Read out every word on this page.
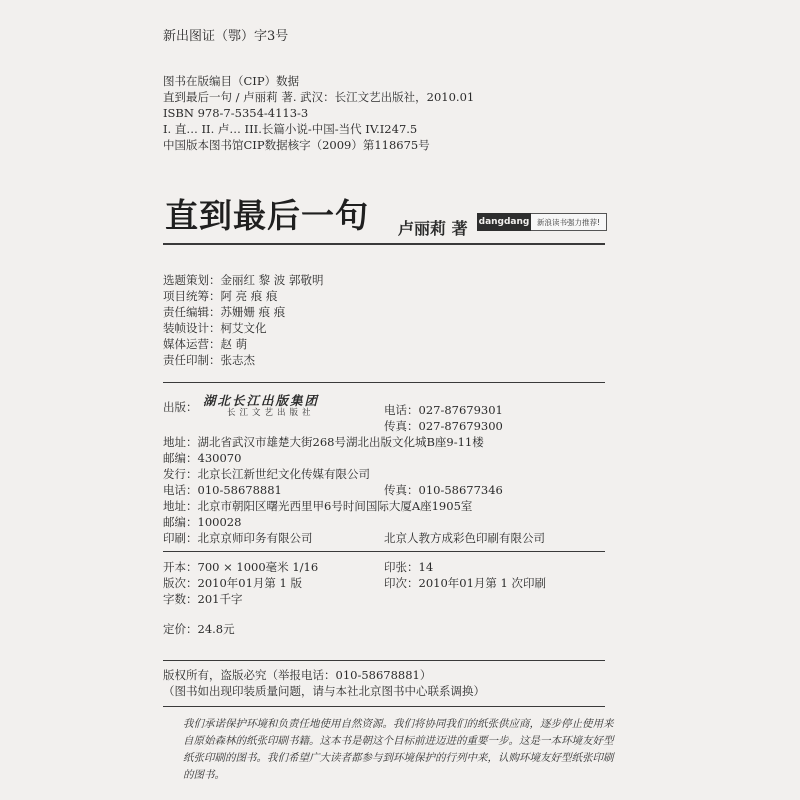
新出图证（鄂）字3号
图书在版编目（CIP）数据
直到最后一句 / 卢丽莉 著. 武汉：长江文艺出版社，2010.01
ISBN 978-7-5354-4113-3
I. 直… II. 卢… III.长篇小说-中国-当代 IV.I247.5
中国版本图书馆CIP数据核字（2009）第118675号
直到最后一句 卢丽莉 著 dangdang	新浪读书强力推荐!
选题策划：金丽红 黎 波 郭敬明
项目统筹：阿 亮 痕 痕
责任编辑：苏姗姗 痕 痕
装帧设计：柯艾文化
媒体运营：赵 萌
责任印制：张志杰
出版： 湖北长江出版集团
长江文艺出版社	电话：027-87679301
传真：027-87679300
地址：湖北省武汉市雄楚大街268号湖北出版文化城B座9-11楼
邮编：430070
发行：北京长江新世纪文化传媒有限公司
电话：010-58678881	传真：010-58677346
地址：北京市朝阳区曙光西里甲6号时间国际大厦A座1905室
邮编：100028
印刷：北京京师印务有限公司	北京人教方成彩色印刷有限公司
开本：700 × 1000毫米 1/16	印张：14
版次：2010年01月第 1 版	印次：2010年01月第 1 次印刷
字数：201千字
定价：24.8元
版权所有，盗版必究（举报电话：010-58678881）
（图书如出现印装质量问题，请与本社北京图书中心联系调换）
我们承诺保护环境和负责任地使用自然资源。我们将协同我们的纸张供应商，逐步停止使用来自原始森林的纸张印刷书籍。这本书是朝这个目标前进迈进的重要一步。这是一本环境友好型纸张印刷的图书。我们希望广大读者都参与到环境保护的行列中来，认购环境友好型纸张印刷的图书。
